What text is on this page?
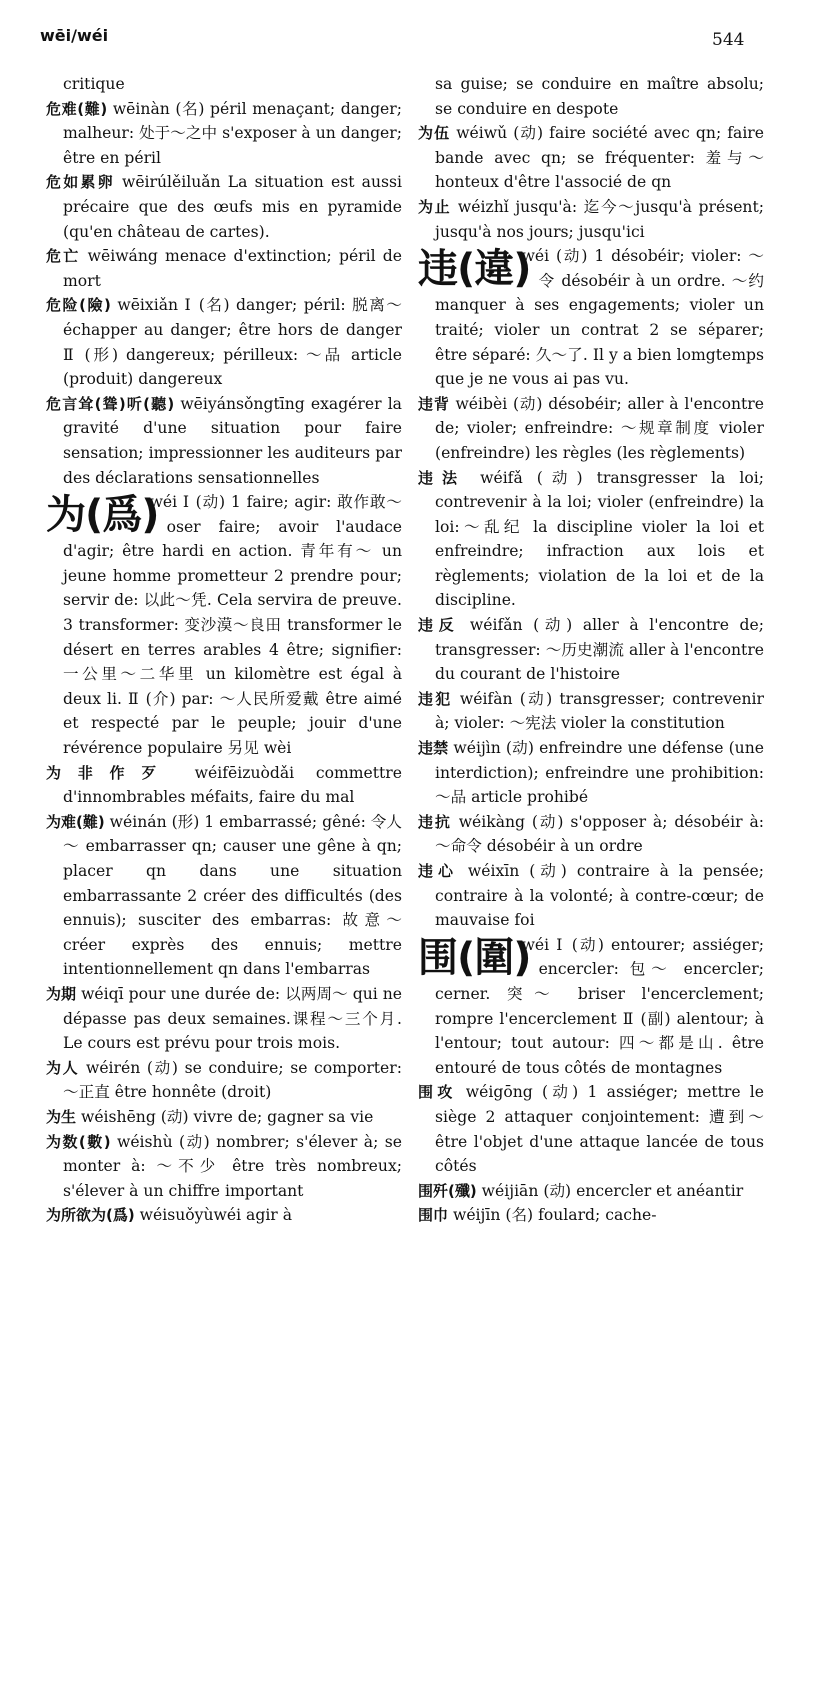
wēi/wéi	544

critique

危难(難) wēinàn (名) péril menaçant; danger; malheur: 处于～之中 s'exposer à un danger; être en péril

危如累卵 wēirúlěiluǎn La situation est aussi précaire que des œufs mis en pyramide (qu'en château de cartes).

危亡 wēiwáng menace d'extinction; péril de mort

危险(險) wēixiǎn Ⅰ (名) danger; péril: 脱离～ échapper au danger; être hors de danger Ⅱ (形) dangereux; périlleux: ～品 article (produit) dangereux

危言耸(聳)听(聽) wēiyánsǒngtīng exagérer la gravité d'une situation pour faire sensation; impressionner les auditeurs par des déclarations sensationnelles

为(爲)
wéi Ⅰ (动) 1 faire; agir: 敢作敢～ oser faire; avoir l'audace d'agir; être hardi en action. 青年有～ un jeune homme prometteur 2 prendre pour; servir de: 以此～凭. Cela servira de preuve. 3 transformer: 变沙漠～良田 transformer le désert en terres arables 4 être; signifier: 一公里～二华里 un kilomètre est égal à deux li. Ⅱ (介) par: ～人民所爱戴 être aimé et respecté par le peuple; jouir d'une révérence populaire 另见 wèi

为非作歹 wéifēizuòdǎi commettre d'innombrables méfaits, faire du mal

为难(難) wéinán (形) 1 embarrassé; gêné: 令人～ embarrasser qn; causer une gêne à qn; placer qn dans une situation embarrassante 2 créer des difficultés (des ennuis); susciter des embarras: 故意～ créer exprès des ennuis; mettre intentionnellement qn dans l'embarras

为期 wéiqī pour une durée de: 以两周～ qui ne dépasse pas deux semaines.课程～三个月. Le cours est prévu pour trois mois.

为人 wéirén (动) se conduire; se comporter: ～正直 être honnête (droit)

为生 wéishēng (动) vivre de; gagner sa vie

为数(數) wéishù (动) nombrer; s'élever à; se monter à: ～不少 être très nombreux; s'élever à un chiffre important

为所欲为(爲) wéisuǒyùwéi agir à

sa guise; se conduire en maître absolu; se conduire en despote

为伍 wéiwǔ (动) faire société avec qn; faire bande avec qn; se fréquenter: 羞与～ honteux d'être l'associé de qn

为止 wéizhǐ jusqu'à: 迄今～jusqu'à présent; jusqu'à nos jours; jusqu'ici

违(違)
wéi (动) 1 désobéir; violer: ～令 désobéir à un ordre. ～约 manquer à ses engagements; violer un traité; violer un contrat 2 se séparer; être séparé: 久～了. Il y a bien lomgtemps que je ne vous ai pas vu.

违背 wéibèi (动) désobéir; aller à l'encontre de; violer; enfreindre: ～规章制度 violer (enfreindre) les règles (les règlements)

违法 wéifǎ (动) transgresser la loi; contrevenir à la loi; violer (enfreindre) la loi:～乱纪 la discipline violer la loi et enfreindre; infraction aux lois et règlements; violation de la loi et de la discipline.

违反 wéifǎn (动) aller à l'encontre de; transgresser: ～历史潮流 aller à l'encontre du courant de l'histoire

违犯 wéifàn (动) transgresser; contrevenir à; violer: ～宪法 violer la constitution

违禁 wéijìn (动) enfreindre une défense (une interdiction); enfreindre une prohibition: ～品 article prohibé

违抗 wéikàng (动) s'opposer à; désobéir à: ～命令 désobéir à un ordre

违心 wéixīn (动) contraire à la pensée; contraire à la volonté; à contre-cœur; de mauvaise foi

围(圍)
wéi Ⅰ (动) entourer; assiéger; encercler: 包～ encercler; cerner. 突～ briser l'encerclement; rompre l'encerclement Ⅱ (副) alentour; à l'entour; tout autour: 四～都是山. être entouré de tous côtés de montagnes

围攻 wéigōng (动) 1 assiéger; mettre le siège 2 attaquer conjointement: 遭到～ être l'objet d'une attaque lancée de tous côtés

围歼(殲) wéijiān (动) encercler et anéantir

围巾 wéijīn (名) foulard; cache-
